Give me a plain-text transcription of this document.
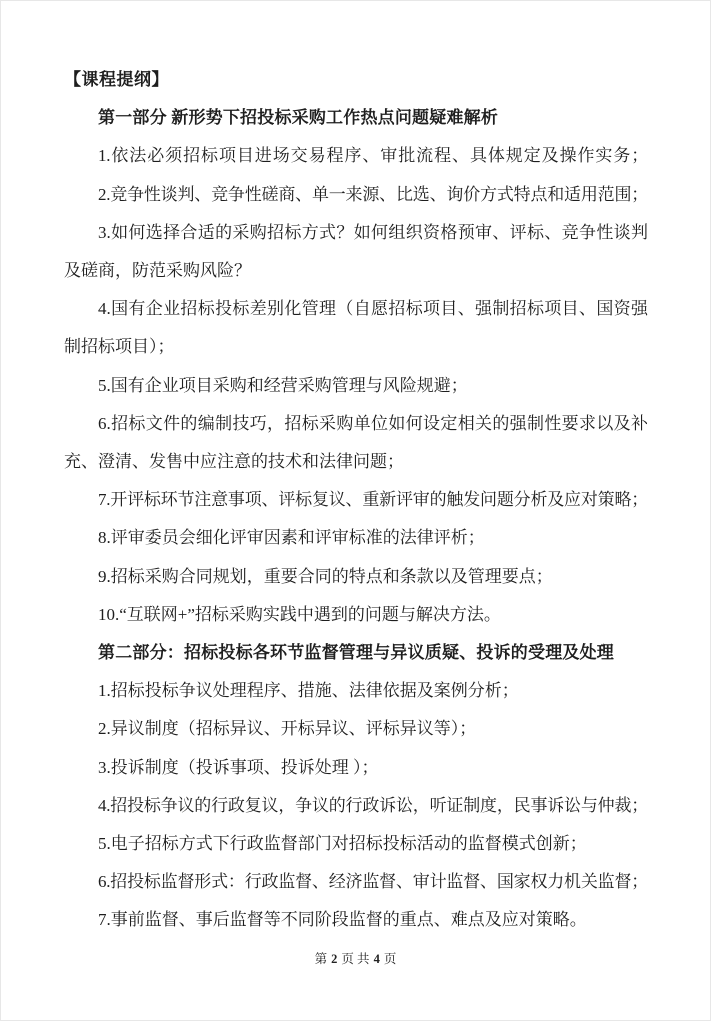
【课程提纲】

第一部分 新形势下招投标采购工作热点问题疑难解析

1.依法必须招标项目进场交易程序、审批流程、具体规定及操作实务；

2.竞争性谈判、竞争性磋商、单一来源、比选、询价方式特点和适用范围；

3.如何选择合适的采购招标方式？如何组织资格预审、评标、竞争性谈判及磋商，防范采购风险？

4.国有企业招标投标差别化管理（自愿招标项目、强制招标项目、国资强制招标项目）；

5.国有企业项目采购和经营采购管理与风险规避；

6.招标文件的编制技巧，招标采购单位如何设定相关的强制性要求以及补充、澄清、发售中应注意的技术和法律问题；

7.开评标环节注意事项、评标复议、重新评审的触发问题分析及应对策略；

8.评审委员会细化评审因素和评审标准的法律评析；

9.招标采购合同规划，重要合同的特点和条款以及管理要点；

10.“互联网+”招标采购实践中遇到的问题与解决方法。

第二部分：招标投标各环节监督管理与异议质疑、投诉的受理及处理

1.招标投标争议处理程序、措施、法律依据及案例分析；

2.异议制度（招标异议、开标异议、评标异议等）；

3.投诉制度（投诉事项、投诉处理 ）；

4.招投标争议的行政复议，争议的行政诉讼，听证制度，民事诉讼与仲裁；

5.电子招标方式下行政监督部门对招标投标活动的监督模式创新；

6.招投标监督形式：行政监督、经济监督、审计监督、国家权力机关监督；

7.事前监督、事后监督等不同阶段监督的重点、难点及应对策略。

第 2 页 共 4 页
